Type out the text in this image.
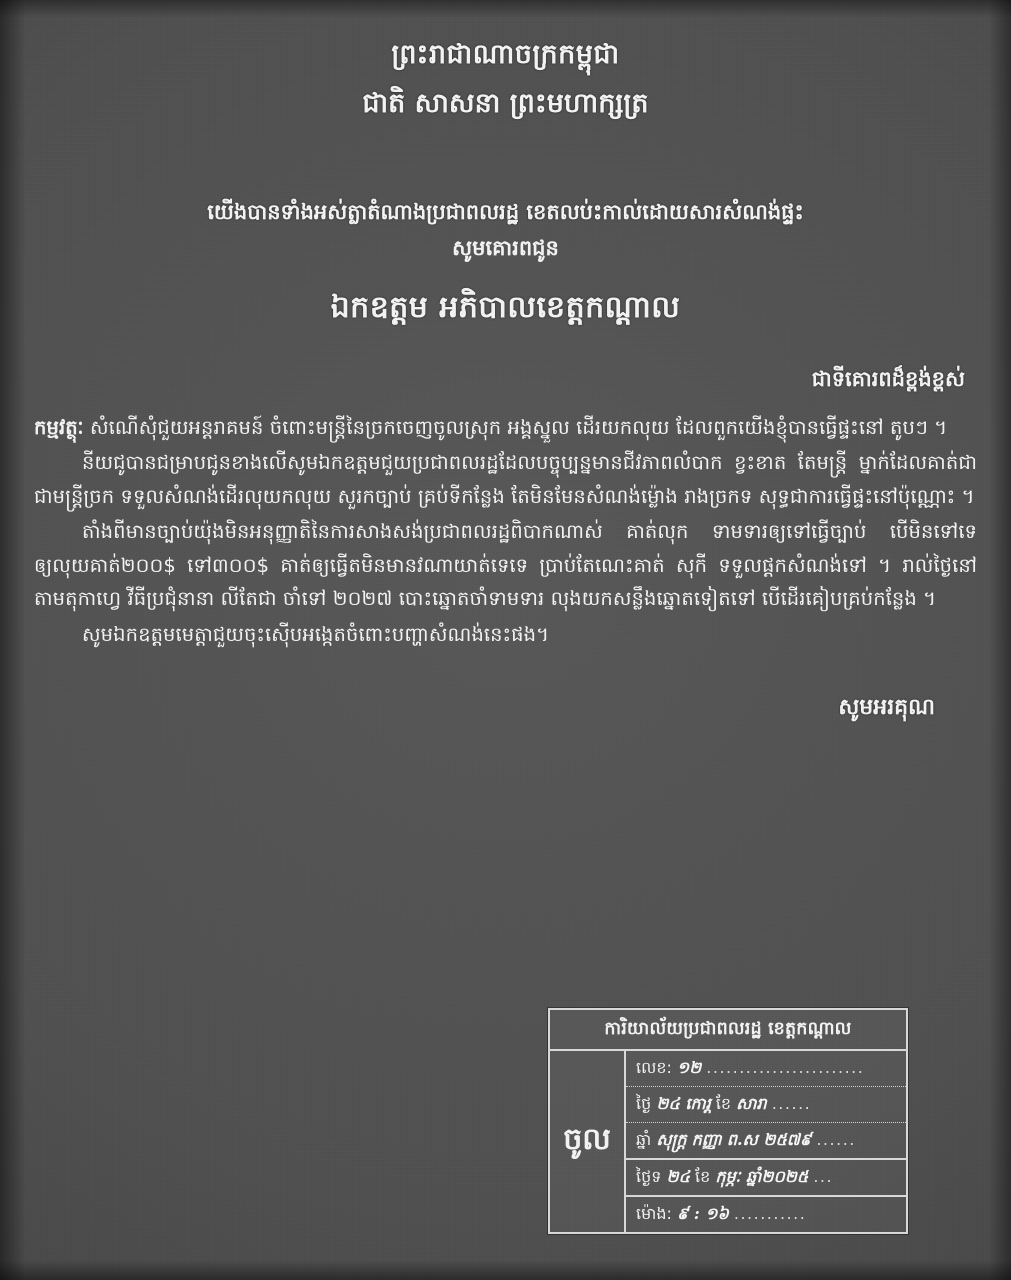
ព្រះរាជាណាចក្រកម្ពុជា
ជាតិ សាសនា ព្រះមហាក្សត្រ
យើងបានទាំងអស់ត្លាតំណាងប្រជាពលរដ្ឋ ខេតលប់ះកាល់ដោយសារសំណង់ផ្ទះ
សូមគោរពជូន
ឯកឧត្តម អភិបាលខេត្តកណ្ដាល
ជាទីគោរពដ៏ខ្ពង់ខ្ពស់

កម្មវត្ថុៈ សំណើសុំជួយអន្តរាគមន៍ ចំពោះមន្ត្រីនៃច្រកចេញចូលស្រុក អង្គស្នួល ដើរយកលុយ ដែលពួកយើងខ្ញុំបានធ្វើផ្ទះនៅ តូបៗ ។

នីយជូបានជម្រាបជូនខាងលើសូមឯកឧត្តមជួយប្រជាពលរដ្ឋដែលបច្ចុប្បន្នមានជីវភាពលំបាក ខ្វះខាត តែមន្ត្រី ម្នាក់ដែលគាត់ជា ជាមន្ត្រីច្រក ទទួលសំណង់ដើរលុយកលុយ សួរកច្បាប់ គ្រប់ទីកន្លែង តែមិនមែនសំណង់ម្ល៉ោង រាងច្រកទ សុទ្ធជាការធ្វើផ្ទះនៅប៉ុណ្ណោះ ។

តាំងពីមានច្បាប់យ៉ុងមិនអនុញ្ញាតិនៃការសាងសង់ប្រជាពលរដ្ឋពិបាកណាស់ គាត់លុក ទាមទារឲ្យទៅធ្វើច្បាប់ បើមិនទៅទេ ឲ្យលុយគាត់២០០$ ទៅ៣០០$ គាត់ឲ្យធ្វើតមិនមានវណាយាត់ទេទេ ប្រាប់តែណេះគាត់ សុកី ទទួលផ្ដកសំណង់ទៅ ។ រាល់ថ្ងៃនៅតាមតុកាហ្វេ វីធីប្រជុំនានា លីតែជា ចាំទៅ ២០២៧ បោះឆ្នោតចាំទាមទារ លុងយកសន្លឹងឆ្នោតទៀតទៅ បើដើរគៀបគ្រប់កន្លែង ។

សូមឯកឧត្តមមេត្តាជួយចុះស៊ើបអង្កេតចំពោះបញ្ហាសំណង់នេះផង។

សូមអរគុណ
ការិយាល័យប្រជាពលរដ្ឋ ខេត្តកណ្ដាល
ចូល
លេខ: ១២ ........................
ថ្ងៃ ២៤ កោរ្ត ខែ សារា ......
ឆ្នាំ សុក្រ្ត កញ្ញា ព.ស ២៥៧៩ ......
ថ្ងៃទ ២៤ ខែ កុម្ភៈ ឆ្នាំ២០២៥ ...
ម៉ោង: ៩ : ១៦ ...........
